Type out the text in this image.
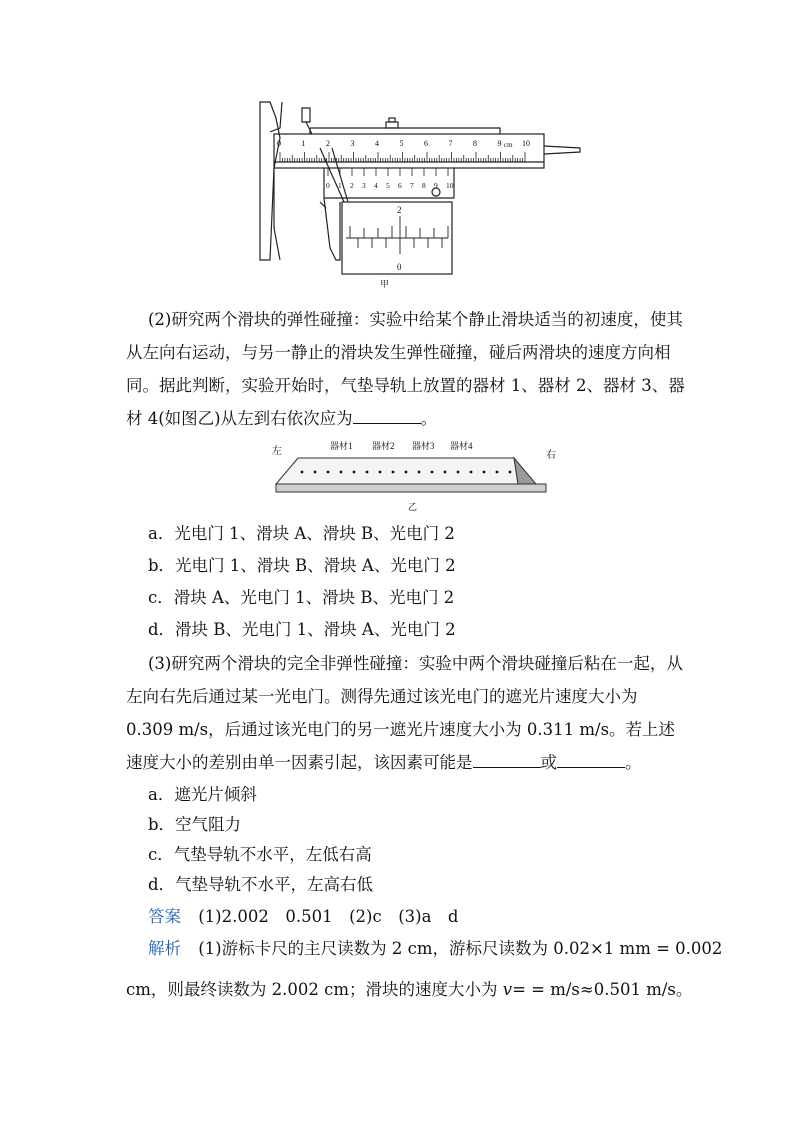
2
0
cm
甲
0	1	2	3	4	5	6	7	8	9	10
0 1 2 3 4 5 6 7 8 9 10
(2)研究两个滑块的弹性碰撞：实验中给某个静止滑块适当的初速度，使其从左向右运动，与另一静止的滑块发生弹性碰撞，碰后两滑块的速度方向相同。据此判断，实验开始时，气垫导轨上放置的器材 1、器材 2、器材 3、器材 4(如图乙)从左到右依次应为	。
左	右
器材1 器材2 器材3 器材4
乙
a．光电门 1、滑块 A、滑块 B、光电门 2
b．光电门 1、滑块 B、滑块 A、光电门 2
c．滑块 A、光电门 1、滑块 B、光电门 2
d．滑块 B、光电门 1、滑块 A、光电门 2
(3)研究两个滑块的完全非弹性碰撞：实验中两个滑块碰撞后粘在一起，从左向右先后通过某一光电门。测得先通过该光电门的遮光片速度大小为 0.309 m/s，后通过该光电门的另一遮光片速度大小为 0.311 m/s。若上述速度大小的差别由单一因素引起，该因素可能是	或	。
a．遮光片倾斜
b．空气阻力
c．气垫导轨不水平，左低右高
d．气垫导轨不水平，左高右低
答案 (1)2.002　0.501　(2)c　(3)a　d
解析 (1)游标卡尺的主尺读数为 2 cm，游标尺读数为 0.02×1 mm = 0.002
cm，则最终读数为 2.002 cm；滑块的速度大小为 v= = m/s≈0.501 m/s。
